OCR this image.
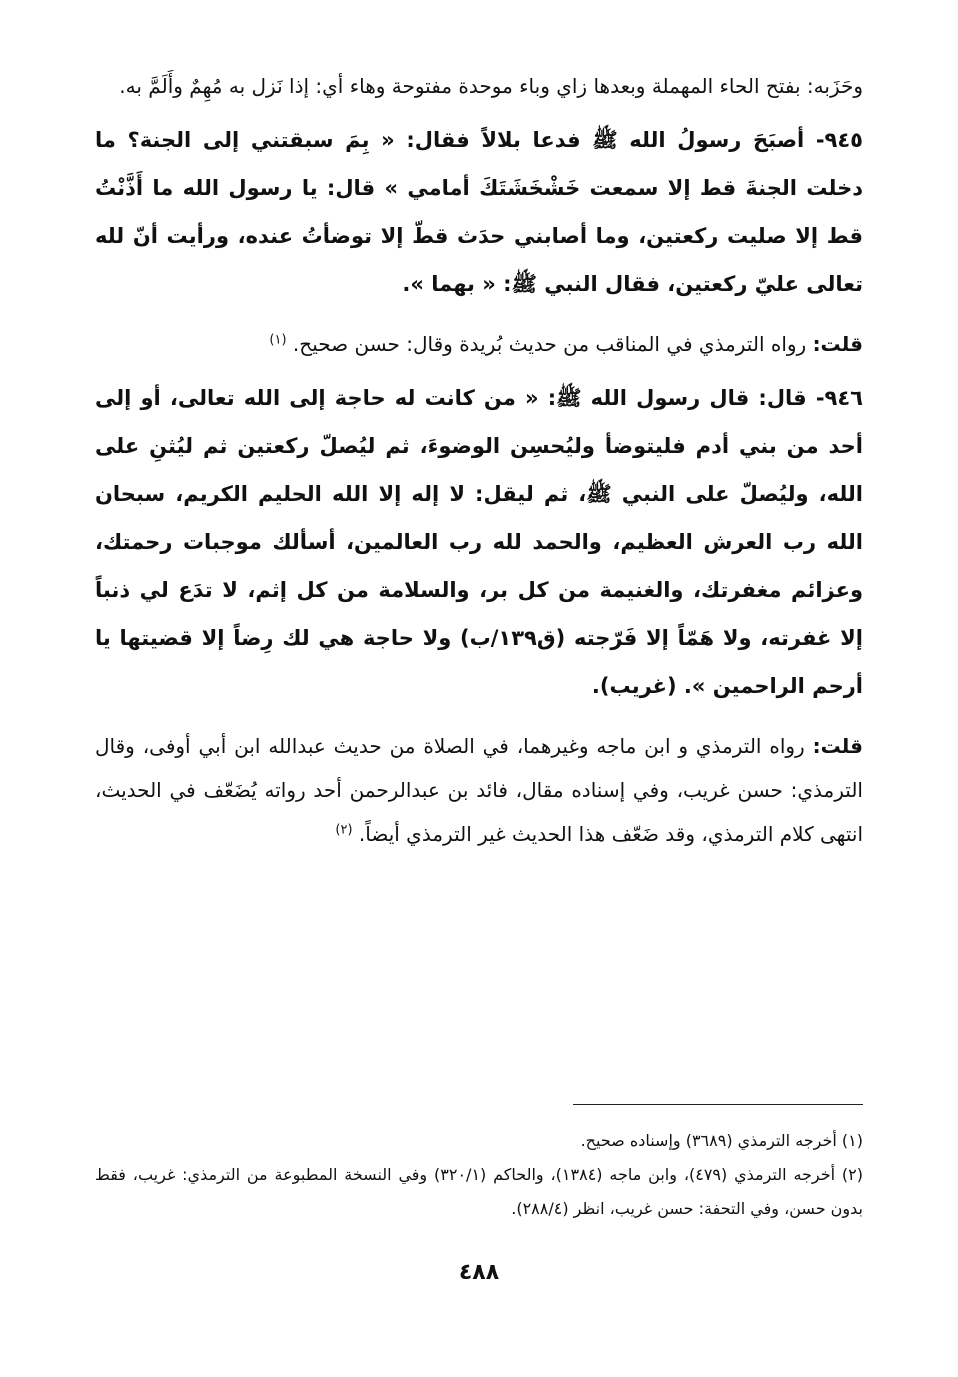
وحَزَبه: بفتح الحاء المهملة وبعدها زاي وباء موحدة مفتوحة وهاء أي: إذا نَزل به مُهِمٌ وأَلَمَّ به.

٩٤٥- أصبَحَ رسولُ الله ﷺ فدعا بلالاً فقال: « بِمَ سبقتني إلى الجنة؟ ما دخلت الجنةَ قط إلا سمعت خَشْخَشَتَكَ أمامي » قال: يا رسول الله ما أَذَّنْتُ قط إلا صليت ركعتين، وما أصابني حدَث قطّ إلا توضأتُ عنده، ورأيت أنّ لله تعالى عليّ ركعتين، فقال النبي ﷺ: « بهما ».

قلت: رواه الترمذي في المناقب من حديث بُريدة وقال: حسن صحيح. $^{(١)}$

٩٤٦- قال: قال رسول الله ﷺ: « من كانت له حاجة إلى الله تعالى، أو إلى أحد من بني أدم فليتوضأ وليُحسِن الوضوءَ، ثم ليُصلّ ركعتين ثم ليُثنِ على الله، وليُصلّ على النبي ﷺ، ثم ليقل: لا إله إلا الله الحليم الكريم، سبحان الله رب العرش العظيم، والحمد لله رب العالمين، أسألك موجبات رحمتك، وعزائم مغفرتك، والغنيمة من كل بر، والسلامة من كل إثم، لا تدَع لي ذنباً إلا غفرته، ولا هَمّاً إلا فَرّجته (ق١٣٩/ب) ولا حاجة هي لك رِضاً إلا قضيتها يا أرحم الراحمين ». (غريب).

قلت: رواه الترمذي و ابن ماجه وغيرهما، في الصلاة من حديث عبدالله ابن أبي أوفى، وقال الترمذي: حسن غريب، وفي إسناده مقال، فائد بن عبدالرحمن أحد رواته يُضَعّف في الحديث، انتهى كلام الترمذي، وقد ضَعّف هذا الحديث غير الترمذي أيضاً. $^{(٢)}$

(١) أخرجه الترمذي (٣٦٨٩) وإسناده صحيح.

(٢) أخرجه الترمذي (٤٧٩)، وابن ماجه (١٣٨٤)، والحاكم (٣٢٠/١) وفي النسخة المطبوعة من الترمذي: غريب، فقط بدون حسن، وفي التحفة: حسن غريب، انظر (٢٨٨/٤).

٤٨٨
